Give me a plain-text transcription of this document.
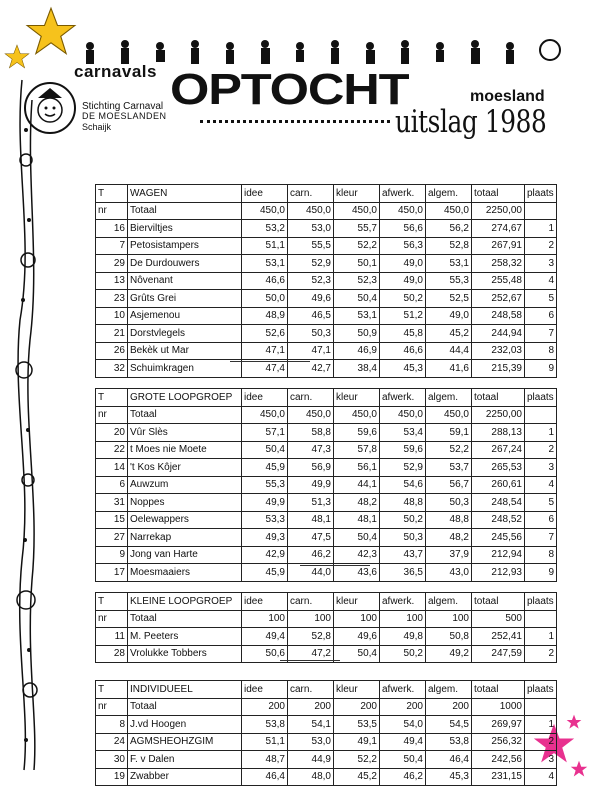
carnavals OPTOCHT	moesland
Stichting Carnaval
DE MOESLANDEN
Schaijk	uitslag 1988
T	WAGEN	idee	carn.	kleur	afwerk.	algem.	totaal	plaats
nr	Totaal	450,0	450,0	450,0	450,0	450,0	2250,00	
16	Bierviltjes	53,2	53,0	55,7	56,6	56,2	274,67	1
7	Petosistampers	51,1	55,5	52,2	56,3	52,8	267,91	2
29	De Durdouwers	53,1	52,9	50,1	49,0	53,1	258,32	3
13	Nôvenant	46,6	52,3	52,3	49,0	55,3	255,48	4
23	Grûts Grei	50,0	49,6	50,4	50,2	52,5	252,67	5
10	Asjemenou	48,9	46,5	53,1	51,2	49,0	248,58	6
21	Dorstvlegels	52,6	50,3	50,9	45,8	45,2	244,94	7
26	Bekèk ut Mar	47,1	47,1	46,9	46,6	44,4	232,03	8
32	Schuimkragen	47,4	42,7	38,4	45,3	41,6	215,39	9
T	GROTE LOOPGROEP	idee	carn.	kleur	afwerk.	algem.	totaal	plaats
nr	Totaal	450,0	450,0	450,0	450,0	450,0	2250,00	
20	Vûr Slès	57,1	58,8	59,6	53,4	59,1	288,13	1
22	t Moes nie Moete	50,4	47,3	57,8	59,6	52,2	267,24	2
14	't Kos Kôjer	45,9	56,9	56,1	52,9	53,7	265,53	3
6	Auwzum	55,3	49,9	44,1	54,6	56,7	260,61	4
31	Noppes	49,9	51,3	48,2	48,8	50,3	248,54	5
15	Oelewappers	53,3	48,1	48,1	50,2	48,8	248,52	6
27	Narrekap	49,3	47,5	50,4	50,3	48,2	245,56	7
9	Jong van Harte	42,9	46,2	42,3	43,7	37,9	212,94	8
17	Moesmaaiers	45,9	44,0	43,6	36,5	43,0	212,93	9
T	KLEINE LOOPGROEP	idee	carn.	kleur	afwerk.	algem.	totaal	plaats
nr	Totaal	100	100	100	100	100	500	
11	M. Peeters	49,4	52,8	49,6	49,8	50,8	252,41	1
28	Vrolukke Tobbers	50,6	47,2	50,4	50,2	49,2	247,59	2
T	INDIVIDUEEL	idee	carn.	kleur	afwerk.	algem.	totaal	plaats
nr	Totaal	200	200	200	200	200	1000	
8	J.vd Hoogen	53,8	54,1	53,5	54,0	54,5	269,97	1
24	AGMSHEOHZGIM	51,1	53,0	49,1	49,4	53,8	256,32	2
30	F. v Dalen	48,7	44,9	52,2	50,4	46,4	242,56	3
19	Zwabber	46,4	48,0	45,2	46,2	45,3	231,15	4
